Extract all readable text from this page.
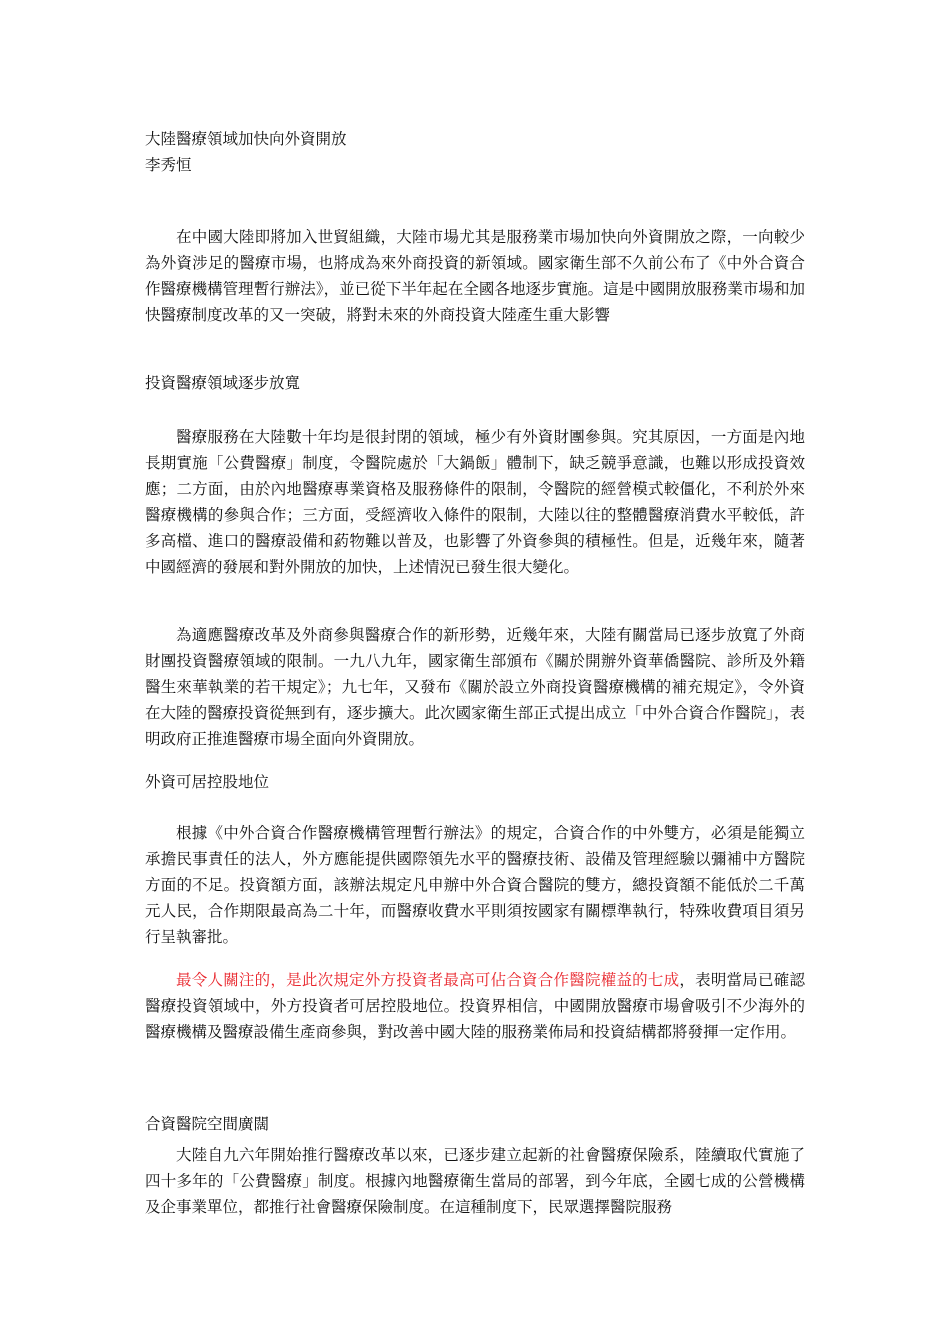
大陸醫療領域加快向外資開放
李秀恒

在中國大陸即將加入世貿組織，大陸市場尤其是服務業市場加快向外資開放之際，一向較少為外資涉足的醫療市場，也將成為來外商投資的新領域。國家衛生部不久前公布了《中外合資合作醫療機構管理暫行辦法》，並已從下半年起在全國各地逐步實施。這是中國開放服務業市場和加快醫療制度改革的又一突破，將對未來的外商投資大陸產生重大影響

投資醫療領域逐步放寬

醫療服務在大陸數十年均是很封閉的領域，極少有外資財團參與。究其原因，一方面是內地長期實施「公費醫療」制度，令醫院處於「大鍋飯」體制下，缺乏競爭意識，也難以形成投資效應；二方面，由於內地醫療專業資格及服務條件的限制，令醫院的經營模式較僵化，不利於外來醫療機構的參與合作；三方面，受經濟收入條件的限制，大陸以往的整體醫療消費水平較低，許多高檔、進口的醫療設備和葯物難以普及，也影響了外資參與的積極性。但是，近幾年來，隨著中國經濟的發展和對外開放的加快，上述情況已發生很大變化。

為適應醫療改革及外商參與醫療合作的新形勢，近幾年來，大陸有關當局已逐步放寬了外商財團投資醫療領域的限制。一九八九年，國家衛生部頒布《關於開辦外資華僑醫院、診所及外籍醫生來華執業的若干規定》；九七年，又發布《關於設立外商投資醫療機構的補充規定》，令外資在大陸的醫療投資從無到有，逐步擴大。此次國家衛生部正式提出成立「中外合資合作醫院」，表明政府正推進醫療市場全面向外資開放。

外資可居控股地位

根據《中外合資合作醫療機構管理暫行辦法》的規定，合資合作的中外雙方，必須是能獨立承擔民事責任的法人，外方應能提供國際領先水平的醫療技術、設備及管理經驗以彌補中方醫院方面的不足。投資額方面，該辦法規定凡申辦中外合資合醫院的雙方，總投資額不能低於二千萬元人民，合作期限最高為二十年，而醫療收費水平則須按國家有關標準執行，特殊收費項目須另行呈執審批。

最令人關注的，是此次規定外方投資者最高可佔合資合作醫院權益的七成，表明當局已確認醫療投資領域中，外方投資者可居控股地位。投資界相信，中國開放醫療市場會吸引不少海外的醫療機構及醫療設備生產商參與，對改善中國大陸的服務業佈局和投資結構都將發揮一定作用。

合資醫院空間廣闊

大陸自九六年開始推行醫療改革以來，已逐步建立起新的社會醫療保險系，陸續取代實施了四十多年的「公費醫療」制度。根據內地醫療衛生當局的部署，到今年底，全國七成的公營機構及企事業單位，都推行社會醫療保險制度。在這種制度下，民眾選擇醫院服務
